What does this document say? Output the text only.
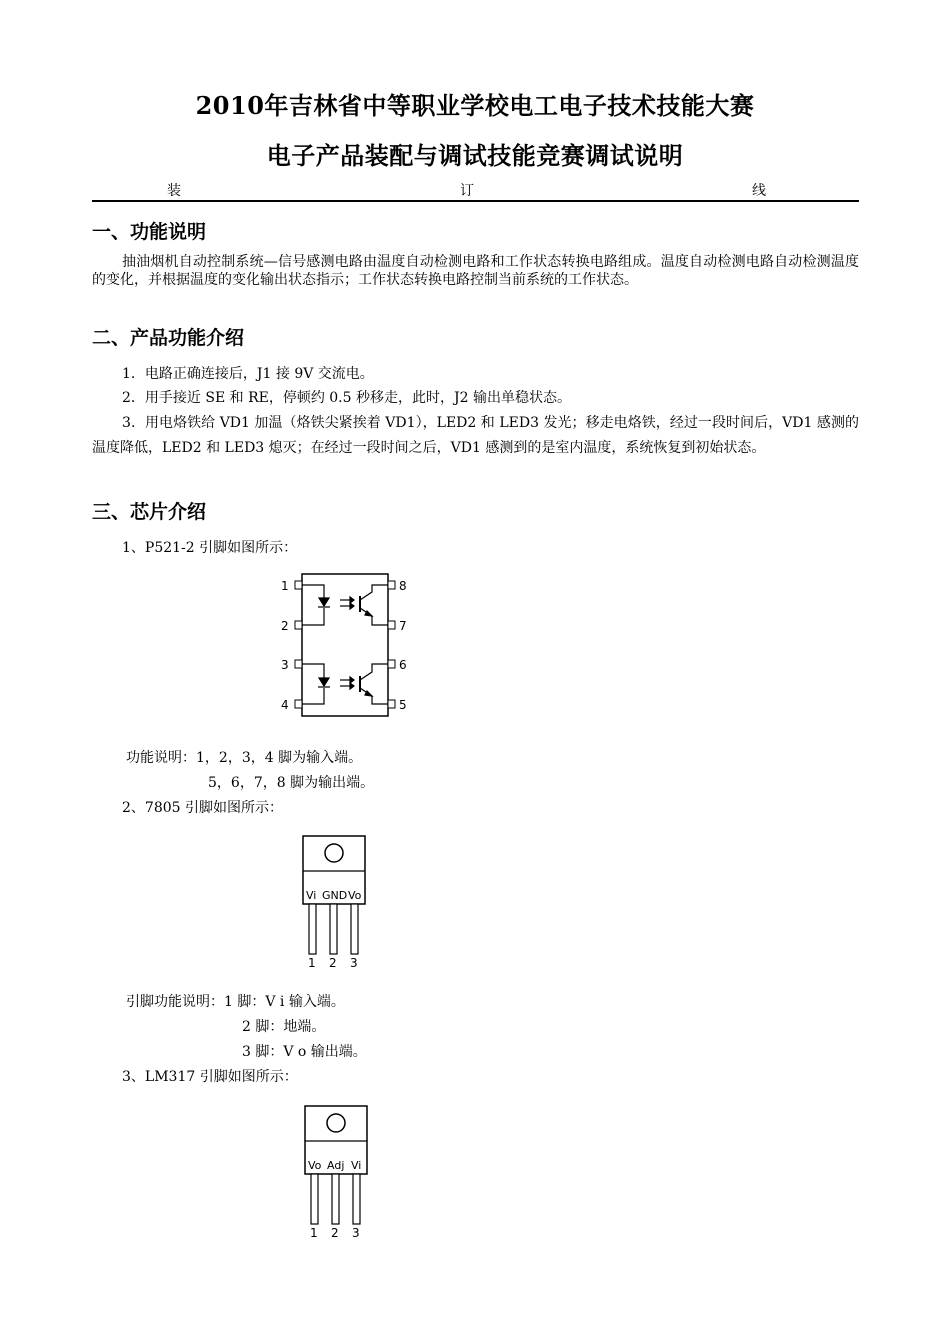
2010年吉林省中等职业学校电工电子技术技能大赛
电子产品装配与调试技能竞赛调试说明
装	订	线
一、功能说明
抽油烟机自动控制系统—信号感测电路由温度自动检测电路和工作状态转换电路组成。温度自动检测电路自动检测温度的变化，并根据温度的变化输出状态指示；工作状态转换电路控制当前系统的工作状态。
二、产品功能介绍
1．电路正确连接后，J1 接 9V 交流电。
2．用手接近 SE 和 RE，停顿约 0.5 秒移走，此时，J2 输出单稳状态。
3．用电烙铁给 VD1 加温（烙铁尖紧挨着 VD1），LED2 和 LED3 发光；移走电烙铁，经过一段时间后，VD1 感测的温度降低，LED2 和 LED3 熄灭；在经过一段时间之后，VD1 感测到的是室内温度，系统恢复到初始状态。
三、芯片介绍
1、P521-2 引脚如图所示：
1
2
3
4
8
7
6
5
功能说明：1，2，3，4 脚为输入端。
5，6，7，8 脚为输出端。
2、7805 引脚如图所示：
Vi GND Vo
1 2 3
引脚功能说明：1 脚：V i 输入端。
2 脚：地端。
3 脚：V o 输出端。
3、LM317 引脚如图所示：
Vo Adj Vi
1 2 3
